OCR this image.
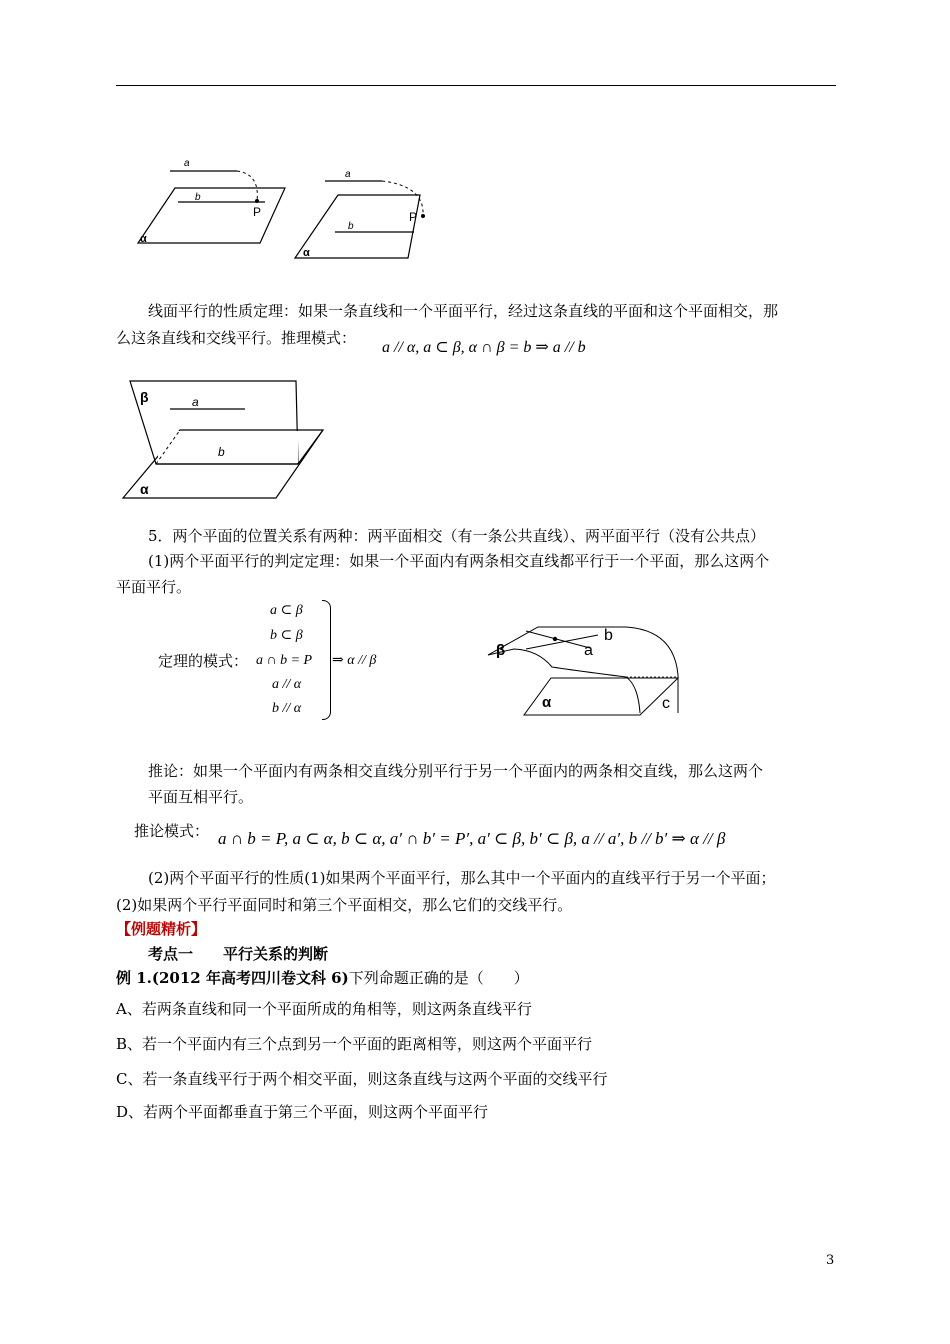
a
b
P
α
a
b
P
α
线面平行的性质定理：如果一条直线和一个平面平行，经过这条直线的平面和这个平面相交，那
么这条直线和交线平行。推理模式：
a // α, a ⊂ β, α ∩ β = b ⇒ a // b
β	a
b
α
5．两个平面的位置关系有两种：两平面相交（有一条公共直线）、两平面平行（没有公共点）
(1)两个平面平行的判定定理：如果一个平面内有两条相交直线都平行于一个平面，那么这两个
平面平行。
定理的模式：
a ⊂ β
b ⊂ β
a ∩ b = P
a // α
b // α
⇒ α // β
β
b
a
α	c
推论：如果一个平面内有两条相交直线分别平行于另一个平面内的两条相交直线，那么这两个
平面互相平行。
推论模式： a ∩ b = P, a ⊂ α, b ⊂ α, a′ ∩ b′ = P′, a′ ⊂ β, b′ ⊂ β, a // a′, b // b′ ⇒ α // β
(2)两个平面平行的性质(1)如果两个平面平行，那么其中一个平面内的直线平行于另一个平面；
(2)如果两个平行平面同时和第三个平面相交，那么它们的交线平行。
【例题精析】
考点一　　平行关系的判断
例 1.(2012 年高考四川卷文科 6)下列命题正确的是（　　）
A、若两条直线和同一个平面所成的角相等，则这两条直线平行
B、若一个平面内有三个点到另一个平面的距离相等，则这两个平面平行
C、若一条直线平行于两个相交平面，则这条直线与这两个平面的交线平行
D、若两个平面都垂直于第三个平面，则这两个平面平行
3
